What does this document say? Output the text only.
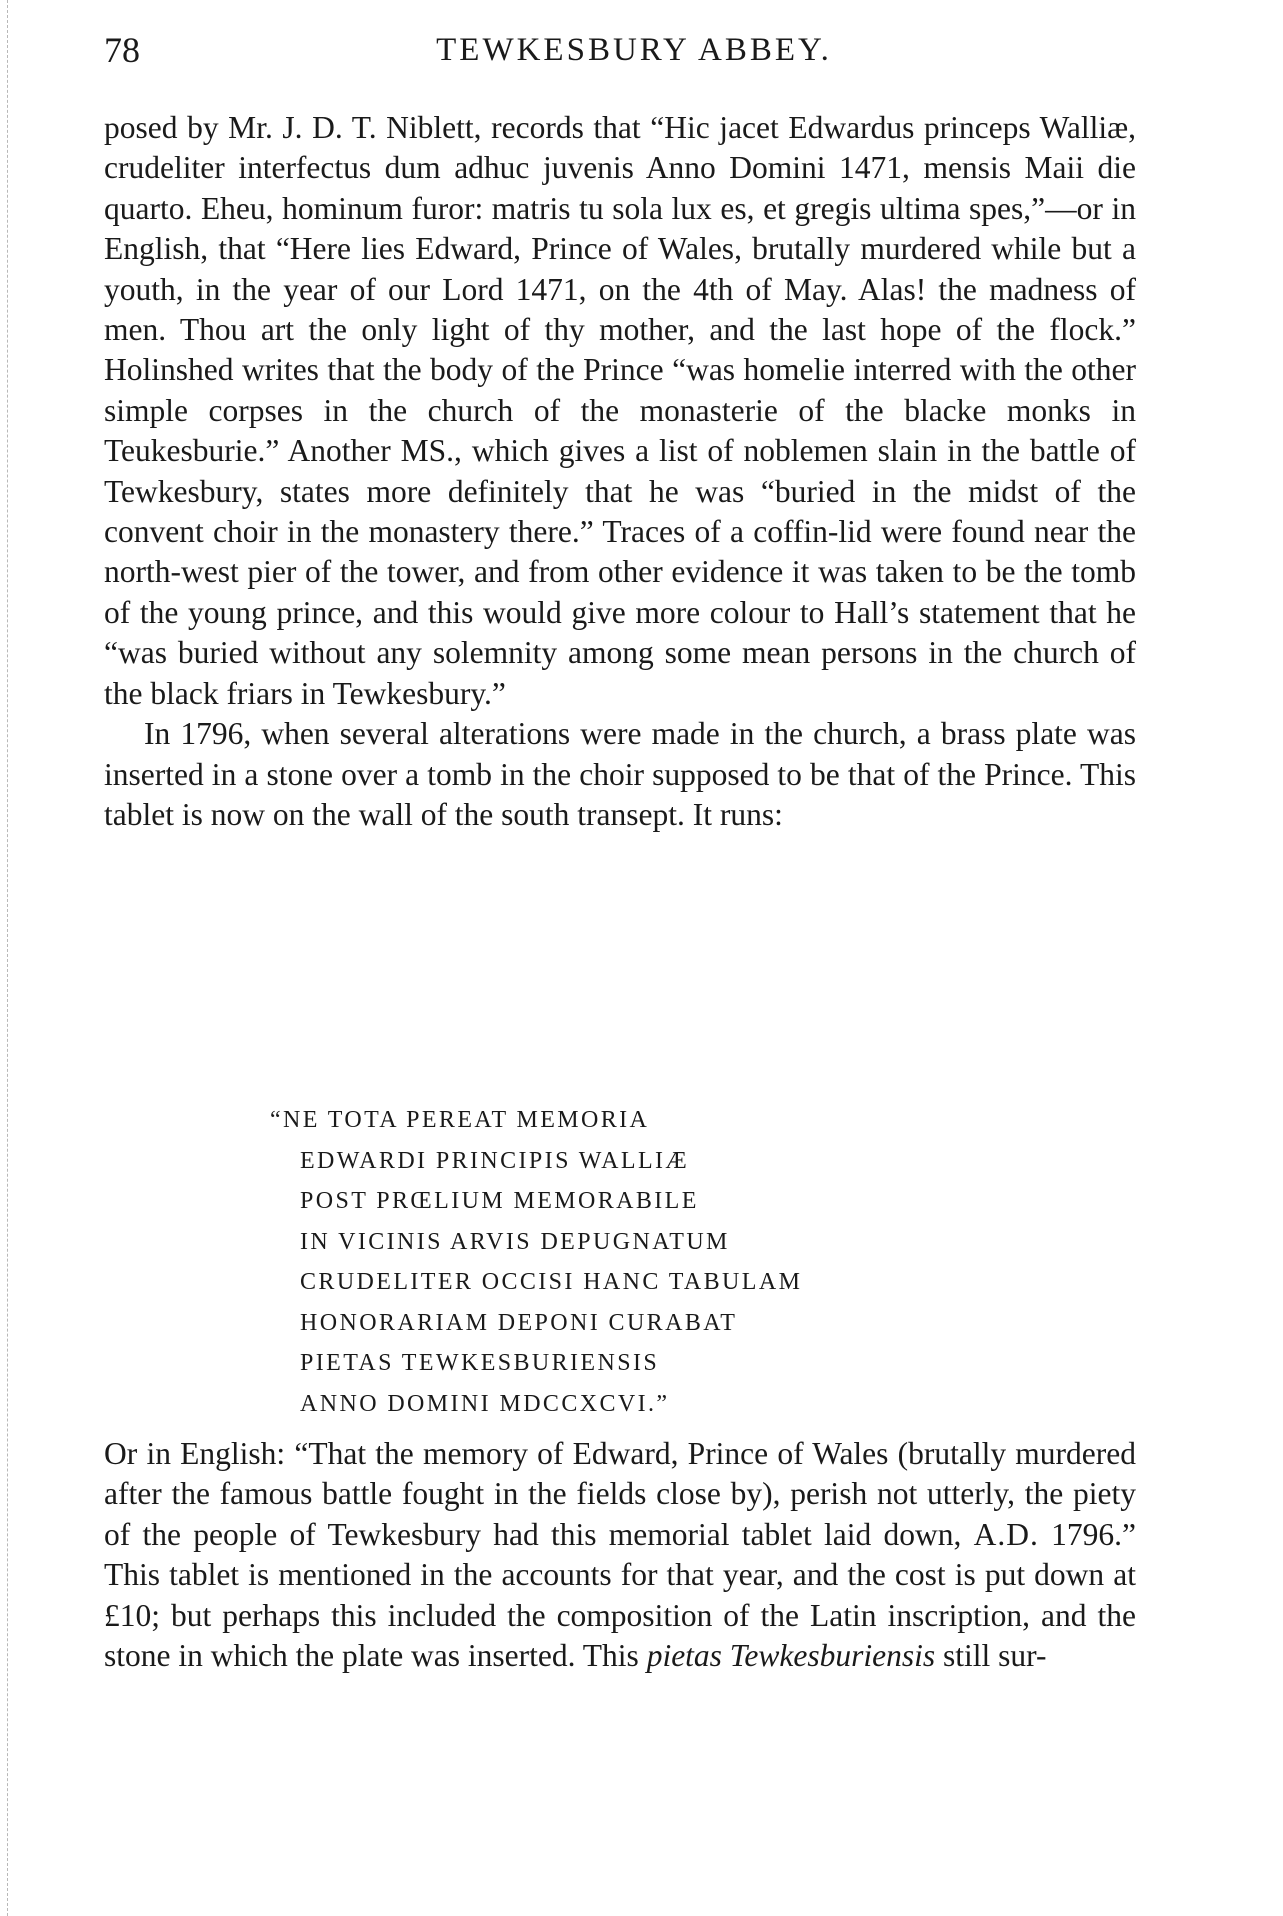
78	TEWKESBURY ABBEY.

posed by Mr. J. D. T. Niblett, records that “Hic jacet Edwardus princeps Walliæ, crudeliter interfectus dum adhuc juvenis Anno Domini 1471, mensis Maii die quarto. Eheu, hominum furor: matris tu sola lux es, et gregis ultima spes,”—or in English, that “Here lies Edward, Prince of Wales, brutally murdered while but a youth, in the year of our Lord 1471, on the 4th of May. Alas! the madness of men. Thou art the only light of thy mother, and the last hope of the flock.” Holinshed writes that the body of the Prince “was homelie interred with the other simple corpses in the church of the monasterie of the blacke monks in Teukesburie.” Another MS., which gives a list of noblemen slain in the battle of Tewkesbury, states more definitely that he was “buried in the midst of the convent choir in the monastery there.” Traces of a coffin-lid were found near the north-west pier of the tower, and from other evidence it was taken to be the tomb of the young prince, and this would give more colour to Hall’s statement that he “was buried without any solemnity among some mean persons in the church of the black friars in Tewkesbury.”

In 1796, when several alterations were made in the church, a brass plate was inserted in a stone over a tomb in the choir supposed to be that of the Prince. This tablet is now on the wall of the south transept. It runs:

“NE TOTA PEREAT MEMORIA
EDWARDI PRINCIPIS WALLIÆ
POST PRŒLIUM MEMORABILE
IN VICINIS ARVIS DEPUGNATUM
CRUDELITER OCCISI HANC TABULAM
HONORARIAM DEPONI CURABAT
PIETAS TEWKESBURIENSIS
ANNO DOMINI MDCCXCVI.”

Or in English: “That the memory of Edward, Prince of Wales (brutally murdered after the famous battle fought in the fields close by), perish not utterly, the piety of the people of Tewkesbury had this memorial tablet laid down, A.D. 1796.” This tablet is mentioned in the accounts for that year, and the cost is put down at £10; but perhaps this included the composition of the Latin inscription, and the stone in which the plate was inserted. This pietas Tewkesburiensis still sur-
